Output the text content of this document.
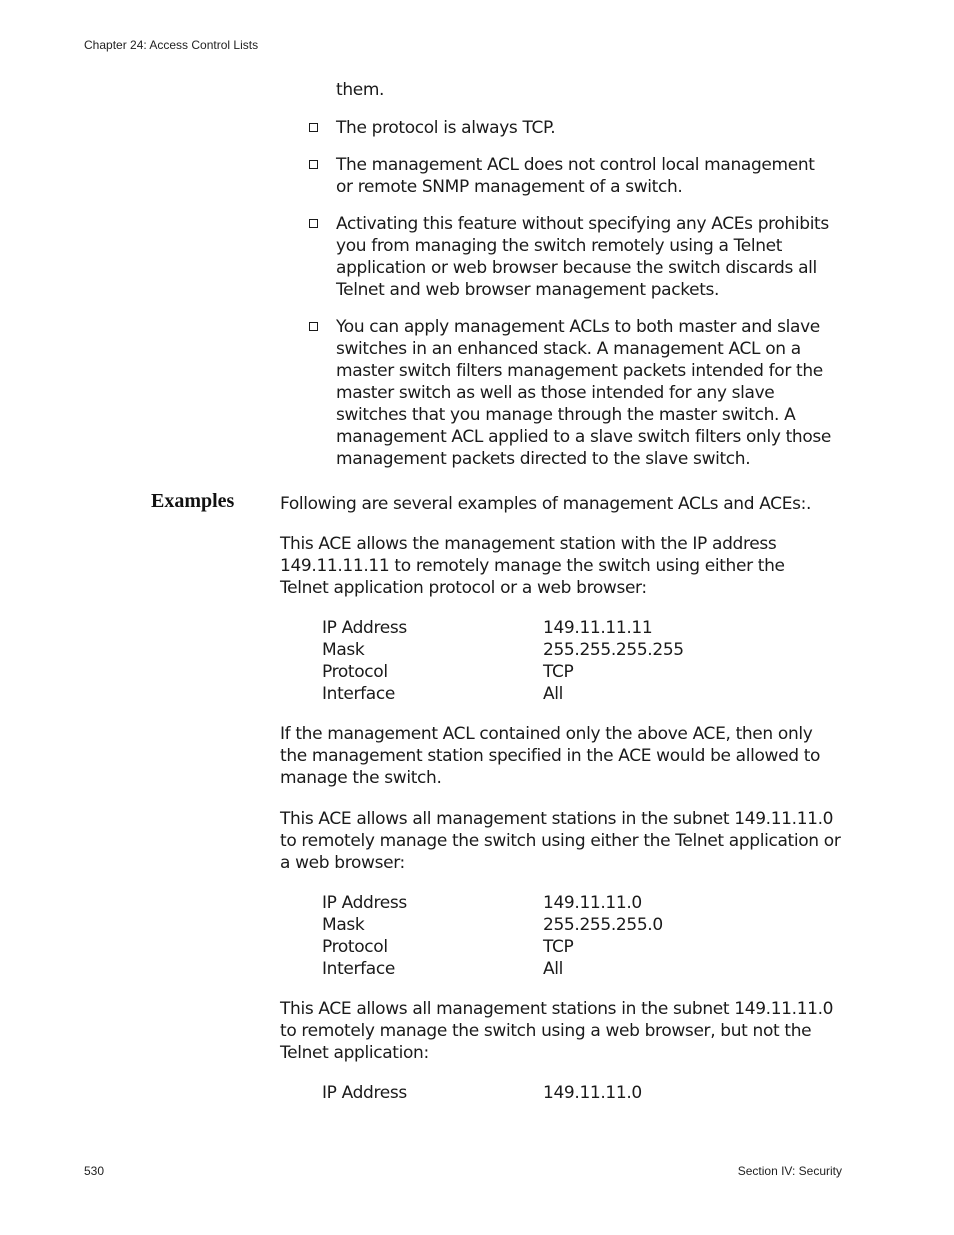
Chapter 24: Access Control Lists
them.
The protocol is always TCP.
The management ACL does not control local management or remote SNMP management of a switch.
Activating this feature without specifying any ACEs prohibits you from managing the switch remotely using a Telnet application or web browser because the switch discards all Telnet and web browser management packets.
You can apply management ACLs to both master and slave switches in an enhanced stack. A management ACL on a master switch filters management packets intended for the master switch as well as those intended for any slave switches that you manage through the master switch. A management ACL applied to a slave switch filters only those management packets directed to the slave switch.
Examples	Following are several examples of management ACLs and ACEs:.
This ACE allows the management station with the IP address 149.11.11.11 to remotely manage the switch using either the Telnet application protocol or a web browser:
IP Address	149.11.11.11
Mask	255.255.255.255
Protocol	TCP
Interface	All
If the management ACL contained only the above ACE, then only the management station specified in the ACE would be allowed to manage the switch.
This ACE allows all management stations in the subnet 149.11.11.0 to remotely manage the switch using either the Telnet application or a web browser:
IP Address	149.11.11.0
Mask	255.255.255.0
Protocol	TCP
Interface	All
This ACE allows all management stations in the subnet 149.11.11.0 to remotely manage the switch using a web browser, but not the Telnet application:
IP Address	149.11.11.0
530	Section IV: Security
